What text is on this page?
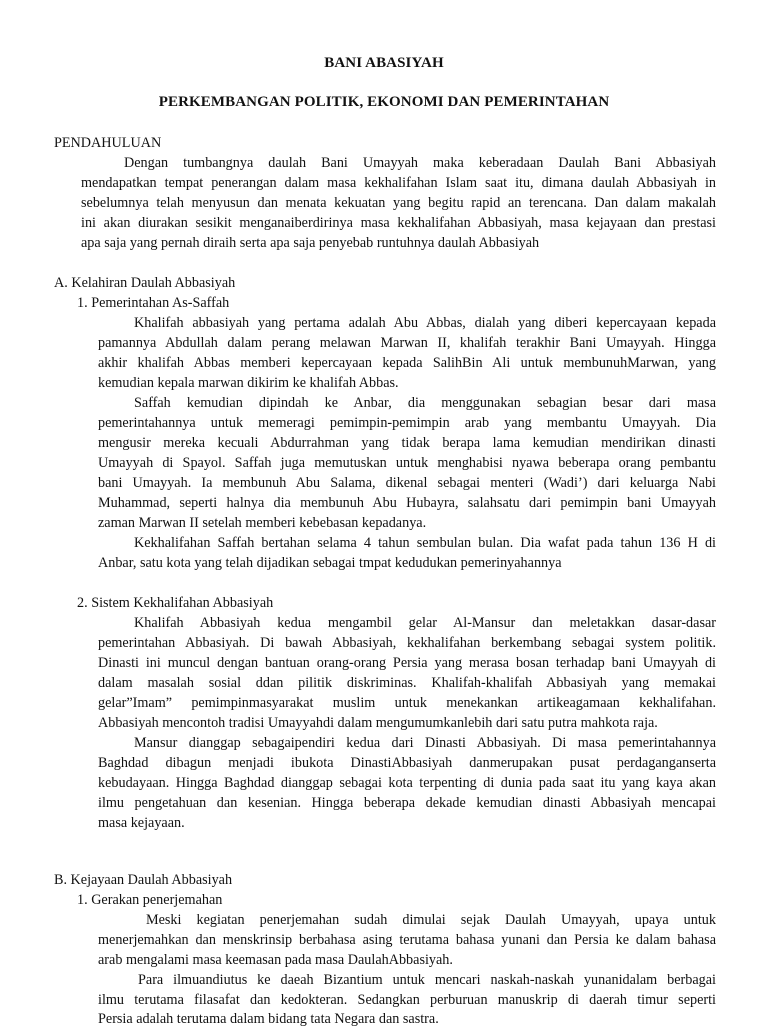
BANI ABASIYAH
PERKEMBANGAN POLITIK, EKONOMI DAN PEMERINTAHAN
PENDAHULUAN
Dengan tumbangnya daulah Bani Umayyah maka keberadaan Daulah Bani Abbasiyah
mendapatkan tempat penerangan dalam masa kekhalifahan Islam saat itu, dimana daulah Abbasiyah in
sebelumnya telah menyusun dan menata kekuatan yang begitu rapid an terencana. Dan dalam makalah
ini akan diurakan sesikit menganaiberdirinya masa kekhalifahan Abbasiyah, masa kejayaan dan prestasi
apa saja yang pernah diraih serta apa saja penyebab runtuhnya daulah Abbasiyah
A. Kelahiran Daulah Abbasiyah
1. Pemerintahan As-Saffah
Khalifah abbasiyah yang pertama adalah Abu Abbas, dialah yang diberi kepercayaan kepada
pamannya Abdullah dalam perang melawan Marwan II, khalifah terakhir Bani Umayyah. Hingga
akhir khalifah Abbas memberi kepercayaan kepada SalihBin Ali untuk membunuhMarwan, yang
kemudian kepala marwan dikirim ke khalifah Abbas.
Saffah kemudian dipindah ke Anbar, dia menggunakan sebagian besar dari masa
pemerintahannya untuk memeragi pemimpin-pemimpin arab yang membantu Umayyah. Dia
mengusir mereka kecuali Abdurrahman yang tidak berapa lama kemudian mendirikan dinasti
Umayyah di Spayol. Saffah juga memutuskan untuk menghabisi nyawa beberapa orang pembantu
bani Umayyah. Ia membunuh Abu Salama, dikenal sebagai menteri (Wadi’) dari keluarga Nabi
Muhammad, seperti halnya dia membunuh Abu Hubayra, salahsatu dari pemimpin bani Umayyah
zaman Marwan II setelah memberi kebebasan kepadanya.
Kekhalifahan Saffah bertahan selama 4 tahun sembulan bulan. Dia wafat pada tahun 136 H di
Anbar, satu kota yang telah dijadikan sebagai tmpat kedudukan pemerinyahannya
2. Sistem Kekhalifahan Abbasiyah
Khalifah Abbasiyah kedua mengambil gelar Al-Mansur dan meletakkan dasar-dasar
pemerintahan Abbasiyah. Di bawah Abbasiyah, kekhalifahan berkembang sebagai system politik.
Dinasti ini muncul dengan bantuan orang-orang Persia yang merasa bosan terhadap bani Umayyah di
dalam masalah sosial ddan pilitik diskriminas. Khalifah-khalifah Abbasiyah yang memakai
gelar”Imam” pemimpinmasyarakat muslim untuk menekankan artikeagamaan kekhalifahan.
Abbasiyah mencontoh tradisi Umayyahdi dalam mengumumkanlebih dari satu putra mahkota raja.
Mansur dianggap sebagaipendiri kedua dari Dinasti Abbasiyah. Di masa pemerintahannya
Baghdad dibagun menjadi ibukota DinastiAbbasiyah danmerupakan pusat perdaganganserta
kebudayaan. Hingga Baghdad dianggap sebagai kota terpenting di dunia pada saat itu yang kaya akan
ilmu pengetahuan dan kesenian. Hingga beberapa dekade kemudian dinasti Abbasiyah mencapai
masa kejayaan.
B. Kejayaan Daulah Abbasiyah
1. Gerakan penerjemahan
Meski kegiatan penerjemahan sudah dimulai sejak Daulah Umayyah, upaya untuk
menerjemahkan dan menskrinsip berbahasa asing terutama bahasa yunani dan Persia ke dalam bahasa
arab mengalami masa keemasan pada masa DaulahAbbasiyah.
Para ilmuandiutus ke daeah Bizantium untuk mencari naskah-naskah yunanidalam berbagai
ilmu terutama filasafat dan kedokteran. Sedangkan perburuan manuskrip di daerah timur seperti
Persia adalah terutama dalam bidang tata Negara dan sastra.
